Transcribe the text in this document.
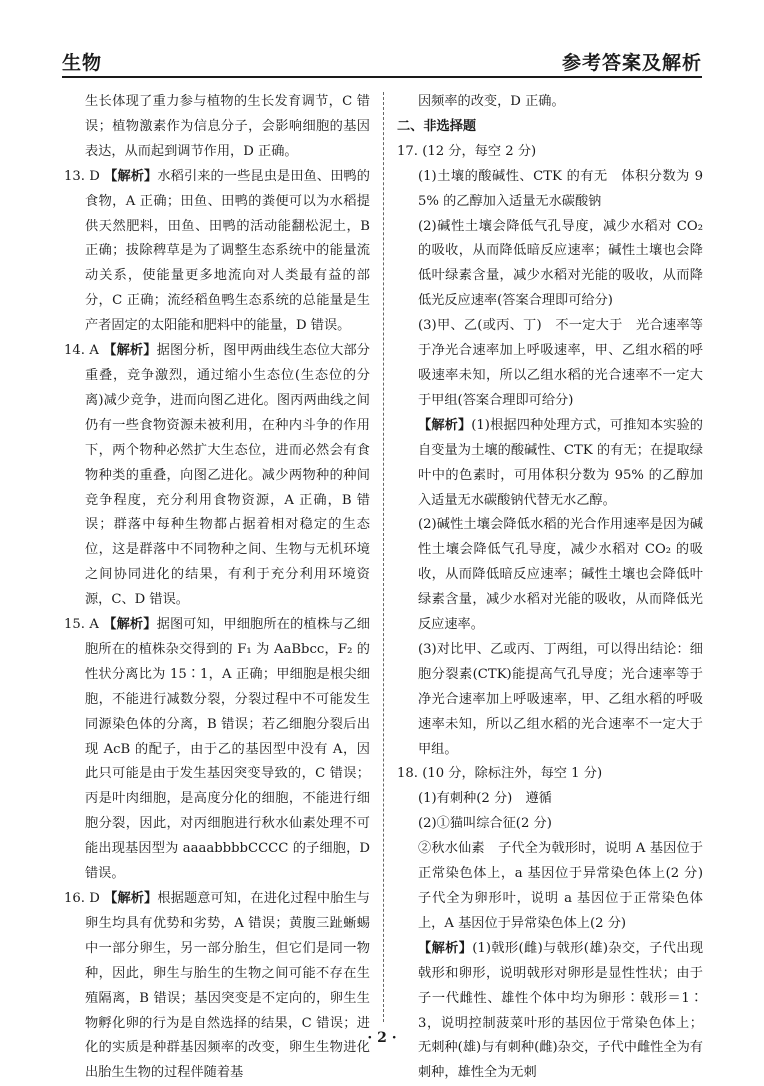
生物	参考答案及解析

生长体现了重力参与植物的生长发育调节，C 错误；植物激素作为信息分子，会影响细胞的基因表达，从而起到调节作用，D 正确。

13. D 【解析】水稻引来的一些昆虫是田鱼、田鸭的食物，A 正确；田鱼、田鸭的粪便可以为水稻提供天然肥料，田鱼、田鸭的活动能翻松泥土，B 正确；拔除稗草是为了调整生态系统中的能量流动关系，使能量更多地流向对人类最有益的部分，C 正确；流经稻鱼鸭生态系统的总能量是生产者固定的太阳能和肥料中的能量，D 错误。

14. A 【解析】据图分析，图甲两曲线生态位大部分重叠，竞争激烈，通过缩小生态位(生态位的分离)减少竞争，进而向图乙进化。图丙两曲线之间仍有一些食物资源未被利用，在种内斗争的作用下，两个物种必然扩大生态位，进而必然会有食物种类的重叠，向图乙进化。减少两物种的种间竞争程度，充分利用食物资源，A 正确，B 错误；群落中每种生物都占据着相对稳定的生态位，这是群落中不同物种之间、生物与无机环境之间协同进化的结果，有利于充分利用环境资源，C、D 错误。

15. A 【解析】据图可知，甲细胞所在的植株与乙细胞所在的植株杂交得到的 F₁ 为 AaBbcc，F₂ 的性状分离比为 15∶1，A 正确；甲细胞是根尖细胞，不能进行减数分裂，分裂过程中不可能发生同源染色体的分离，B 错误；若乙细胞分裂后出现 AcB 的配子，由于乙的基因型中没有 A，因此只可能是由于发生基因突变导致的，C 错误；丙是叶肉细胞，是高度分化的细胞，不能进行细胞分裂，因此，对丙细胞进行秋水仙素处理不可能出现基因型为 aaaabbbbCCCC 的子细胞，D 错误。

16. D 【解析】根据题意可知，在进化过程中胎生与卵生均具有优势和劣势，A 错误；黄腹三趾蜥蜴中一部分卵生，另一部分胎生，但它们是同一物种，因此，卵生与胎生的生物之间可能不存在生殖隔离，B 错误；基因突变是不定向的，卵生生物孵化卵的行为是自然选择的结果，C 错误；进化的实质是种群基因频率的改变，卵生生物进化出胎生生物的过程伴随着基

因频率的改变，D 正确。

二、非选择题

17. (12 分，每空 2 分)

(1)土壤的酸碱性、CTK 的有无　体积分数为 95% 的乙醇加入适量无水碳酸钠

(2)碱性土壤会降低气孔导度，减少水稻对 CO₂ 的吸收，从而降低暗反应速率；碱性土壤也会降低叶绿素含量，减少水稻对光能的吸收，从而降低光反应速率(答案合理即可给分)

(3)甲、乙(或丙、丁)　不一定大于　光合速率等于净光合速率加上呼吸速率，甲、乙组水稻的呼吸速率未知，所以乙组水稻的光合速率不一定大于甲组(答案合理即可给分)

【解析】(1)根据四种处理方式，可推知本实验的自变量为土壤的酸碱性、CTK 的有无；在提取绿叶中的色素时，可用体积分数为 95% 的乙醇加入适量无水碳酸钠代替无水乙醇。

(2)碱性土壤会降低水稻的光合作用速率是因为碱性土壤会降低气孔导度，减少水稻对 CO₂ 的吸收，从而降低暗反应速率；碱性土壤也会降低叶绿素含量，减少水稻对光能的吸收，从而降低光反应速率。

(3)对比甲、乙或丙、丁两组，可以得出结论：细胞分裂素(CTK)能提高气孔导度；光合速率等于净光合速率加上呼吸速率，甲、乙组水稻的呼吸速率未知，所以乙组水稻的光合速率不一定大于甲组。

18. (10 分，除标注外，每空 1 分)

(1)有刺种(2 分)　遵循

(2)①猫叫综合征(2 分)

②秋水仙素　子代全为戟形时，说明 A 基因位于正常染色体上，a 基因位于异常染色体上(2 分)　子代全为卵形叶，说明 a 基因位于正常染色体上，A 基因位于异常染色体上(2 分)

【解析】(1)戟形(雌)与戟形(雄)杂交，子代出现戟形和卵形，说明戟形对卵形是显性性状；由于子一代雌性、雄性个体中均为卵形∶戟形＝1∶3，说明控制菠菜叶形的基因位于常染色体上；无刺种(雄)与有刺种(雌)杂交，子代中雌性全为有刺种，雄性全为无刺

· 2 ·
